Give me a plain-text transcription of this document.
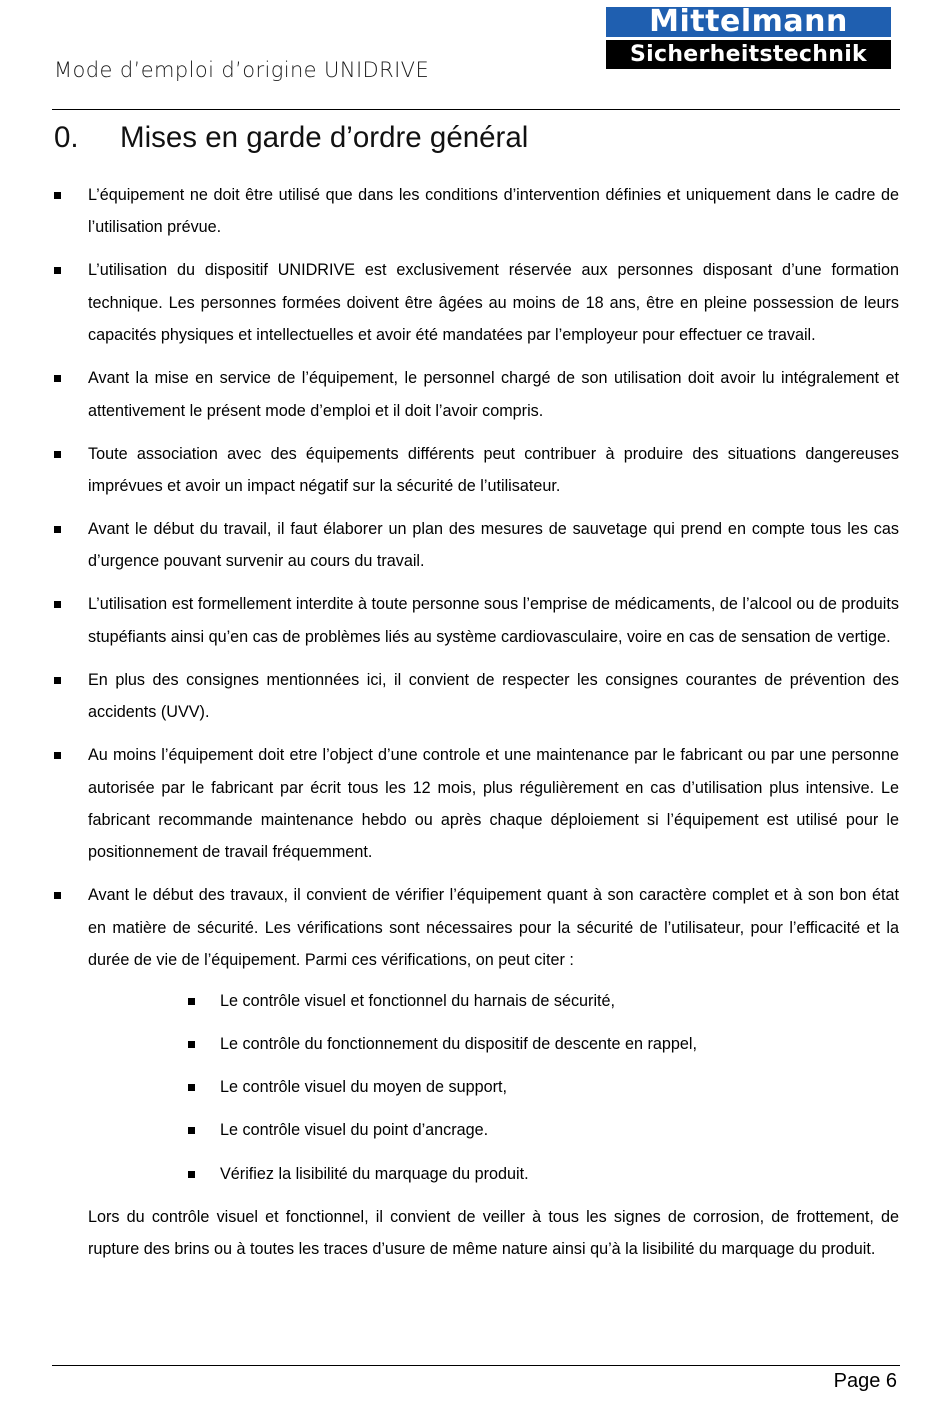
Mode d’emploi d’origine UNIDRIVE
Mittelmann
Sicherheitstechnik
0.	Mises en garde d’ordre général
L’équipement ne doit être utilisé que dans les conditions d’intervention définies et uniquement dans le cadre de l’utilisation prévue.
L’utilisation du dispositif UNIDRIVE est exclusivement réservée aux personnes disposant d’une formation technique. Les personnes formées doivent être âgées au moins de 18 ans, être en pleine possession de leurs capacités physiques et intellectuelles et avoir été mandatées par l’employeur pour effectuer ce travail.
Avant la mise en service de l’équipement, le personnel chargé de son utilisation doit avoir lu intégralement et attentivement le présent mode d’emploi et il doit l’avoir compris.
Toute association avec des équipements différents peut contribuer à produire des situations dangereuses imprévues et avoir un impact négatif sur la sécurité de l’utilisateur.
Avant le début du travail, il faut élaborer un plan des mesures de sauvetage qui prend en compte tous les cas d’urgence pouvant survenir au cours du travail.
L’utilisation est formellement interdite à toute personne sous l’emprise de médicaments, de l’alcool ou de produits stupéfiants ainsi qu’en cas de problèmes liés au système cardiovasculaire, voire en cas de sensation de vertige.
En plus des consignes mentionnées ici, il convient de respecter les consignes courantes de prévention des accidents (UVV).
Au moins l’équipement doit etre l’object d’une controle et une maintenance par le fabricant ou par une personne autorisée par le fabricant par écrit tous les 12 mois, plus régulièrement en cas d’utilisation plus intensive. Le fabricant recommande maintenance hebdo ou après chaque déploiement si l’équipement est utilisé pour le positionnement de travail fréquemment.
Avant le début des travaux, il convient de vérifier l’équipement quant à son caractère complet et à son bon état en matière de sécurité. Les vérifications sont nécessaires pour la sécurité de l’utilisateur, pour l’efficacité et la durée de vie de l’équipement. Parmi ces vérifications, on peut citer :
Le contrôle visuel et fonctionnel du harnais de sécurité,
Le contrôle du fonctionnement du dispositif de descente en rappel,
Le contrôle visuel du moyen de support,
Le contrôle visuel du point d’ancrage.
Vérifiez la lisibilité du marquage du produit.
Lors du contrôle visuel et fonctionnel, il convient de veiller à tous les signes de corrosion, de frottement, de rupture des brins ou à toutes les traces d’usure de même nature ainsi qu’à la lisibilité du marquage du produit.
Page 6
